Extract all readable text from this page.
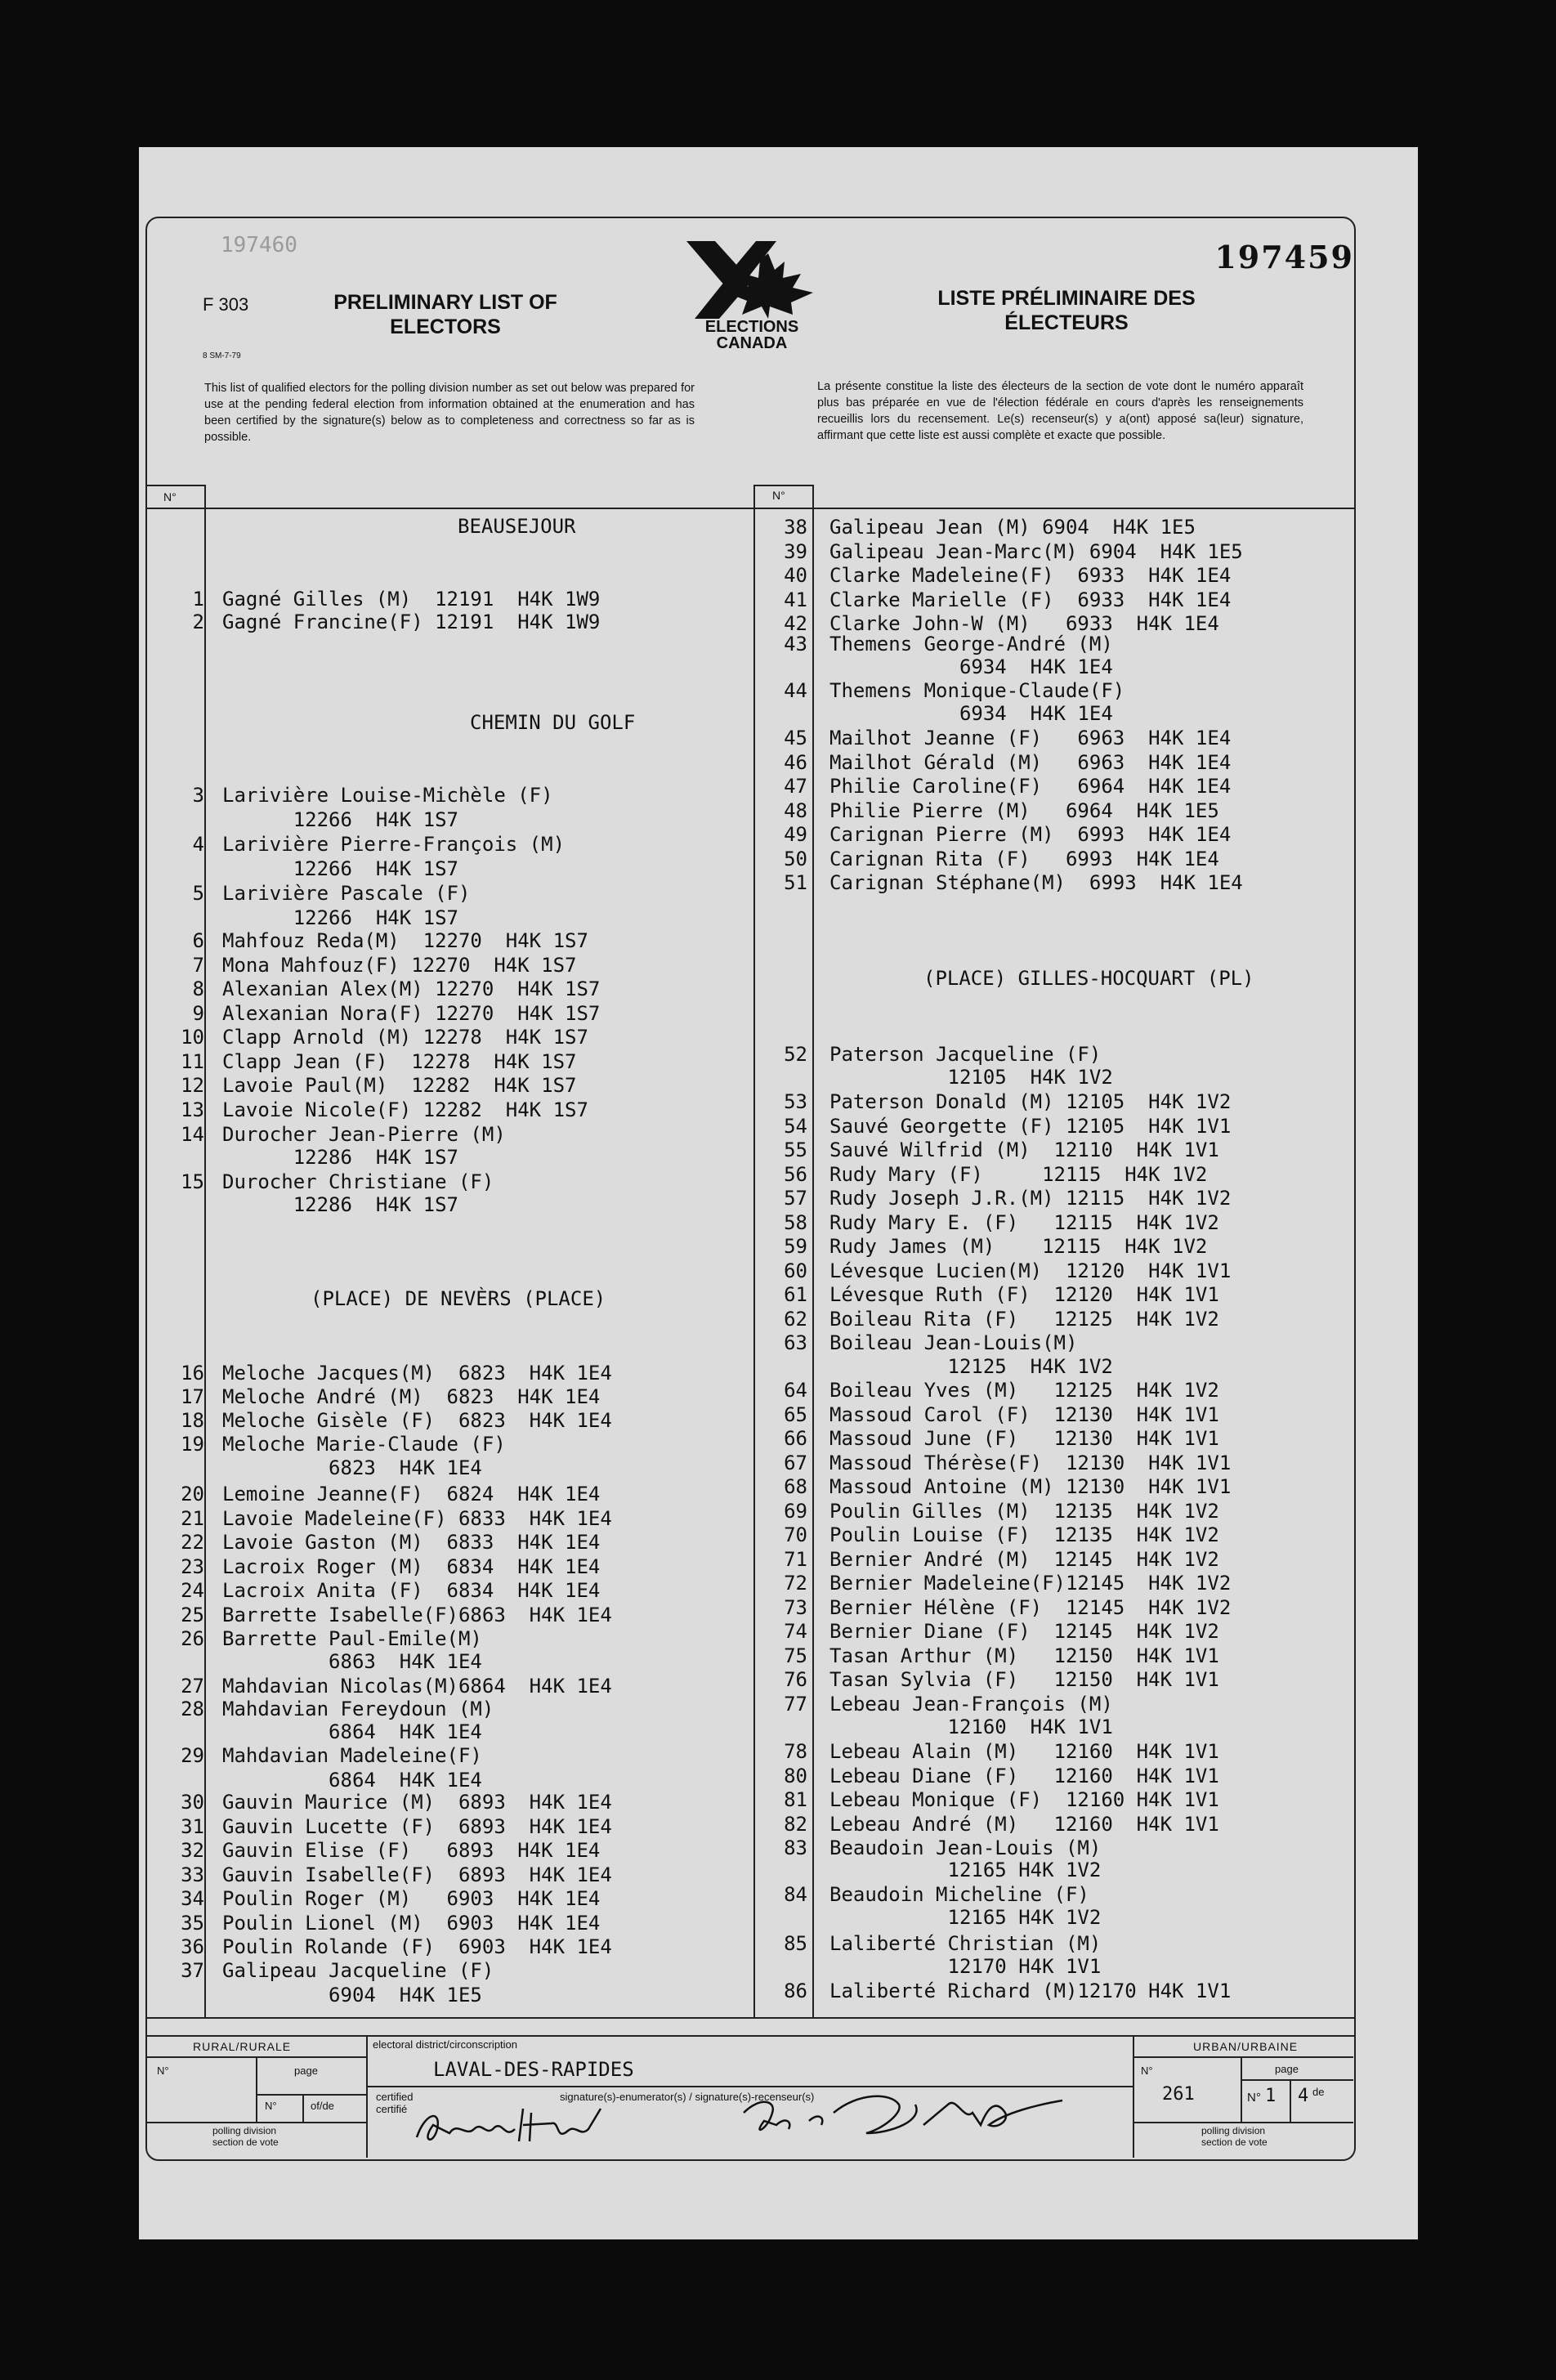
197460	197459
F 303
8 SM-7-79
PRELIMINARY LIST OF
ELECTORS	ELECTIONS
CANADA
LISTE PRÉLIMINAIRE DES
ÉLECTEURS
This list of qualified electors for the polling division number as set out below was prepared for use at the pending federal election from information obtained at the enumeration and has been certified by the signature(s) below as to completeness and correctness so far as is possible.
La présente constitue la liste des électeurs de la section de vote dont le numéro apparaît plus bas préparée en vue de l'élection fédérale en cours d'après les renseignements recueillis lors du recensement. Le(s) recenseur(s) y a(ont) apposé sa(leur) signature, affirmant que cette liste est aussi complète et exacte que possible.
N°	N°
BEAUSEJOUR
CHEMIN DU GOLF
(PLACE) DE NEVÈRS (PLACE)
(PLACE) GILLES-HOCQUART (PL)
1 Gagné Gilles (M)  12191  H4K 1W9
2 Gagné Francine(F) 12191  H4K 1W9
3 Larivière Louise-Michèle (F)
12266  H4K 1S7
4 Larivière Pierre-François (M)
12266  H4K 1S7
5 Larivière Pascale (F)
12266  H4K 1S7
6 Mahfouz Reda(M)  12270  H4K 1S7
7 Mona Mahfouz(F) 12270  H4K 1S7
8 Alexanian Alex(M) 12270  H4K 1S7
9 Alexanian Nora(F) 12270  H4K 1S7
10 Clapp Arnold (M) 12278  H4K 1S7
11 Clapp Jean (F)  12278  H4K 1S7
12 Lavoie Paul(M)  12282  H4K 1S7
13 Lavoie Nicole(F) 12282  H4K 1S7
14 Durocher Jean-Pierre (M)
12286  H4K 1S7
15 Durocher Christiane (F)
12286  H4K 1S7
16 Meloche Jacques(M)  6823  H4K 1E4
17 Meloche André (M)  6823  H4K 1E4
18 Meloche Gisèle (F)  6823  H4K 1E4
19 Meloche Marie-Claude (F)
6823  H4K 1E4
20 Lemoine Jeanne(F)  6824  H4K 1E4
21 Lavoie Madeleine(F) 6833  H4K 1E4
22 Lavoie Gaston (M)  6833  H4K 1E4
23 Lacroix Roger (M)  6834  H4K 1E4
24 Lacroix Anita (F)  6834  H4K 1E4
25 Barrette Isabelle(F)6863  H4K 1E4
26 Barrette Paul-Emile(M)
6863  H4K 1E4
27 Mahdavian Nicolas(M)6864  H4K 1E4
28 Mahdavian Fereydoun (M)
6864  H4K 1E4
29 Mahdavian Madeleine(F)
6864  H4K 1E4
30 Gauvin Maurice (M)  6893  H4K 1E4
31 Gauvin Lucette (F)  6893  H4K 1E4
32 Gauvin Elise (F)   6893  H4K 1E4
33 Gauvin Isabelle(F)  6893  H4K 1E4
34 Poulin Roger (M)   6903  H4K 1E4
35 Poulin Lionel (M)  6903  H4K 1E4
36 Poulin Rolande (F)  6903  H4K 1E4
37 Galipeau Jacqueline (F)
6904  H4K 1E5
38 Galipeau Jean (M) 6904  H4K 1E5
39 Galipeau Jean-Marc(M) 6904  H4K 1E5
40 Clarke Madeleine(F)  6933  H4K 1E4
41 Clarke Marielle (F)  6933  H4K 1E4
42 Clarke John-W (M)   6933  H4K 1E4
43 Themens George-André (M)
6934  H4K 1E4
44 Themens Monique-Claude(F)
6934  H4K 1E4
45 Mailhot Jeanne (F)   6963  H4K 1E4
46 Mailhot Gérald (M)   6963  H4K 1E4
47 Philie Caroline(F)   6964  H4K 1E4
48 Philie Pierre (M)   6964  H4K 1E5
49 Carignan Pierre (M)  6993  H4K 1E4
50 Carignan Rita (F)   6993  H4K 1E4
51 Carignan Stéphane(M)  6993  H4K 1E4
52 Paterson Jacqueline (F)
12105  H4K 1V2
53 Paterson Donald (M) 12105  H4K 1V2
54 Sauvé Georgette (F) 12105  H4K 1V1
55 Sauvé Wilfrid (M)  12110  H4K 1V1
56 Rudy Mary (F)     12115  H4K 1V2
57 Rudy Joseph J.R.(M) 12115  H4K 1V2
58 Rudy Mary E. (F)   12115  H4K 1V2
59 Rudy James (M)    12115  H4K 1V2
60 Lévesque Lucien(M)  12120  H4K 1V1
61 Lévesque Ruth (F)  12120  H4K 1V1
62 Boileau Rita (F)   12125  H4K 1V2
63 Boileau Jean-Louis(M)
12125  H4K 1V2
64 Boileau Yves (M)   12125  H4K 1V2
65 Massoud Carol (F)  12130  H4K 1V1
66 Massoud June (F)   12130  H4K 1V1
67 Massoud Thérèse(F)  12130  H4K 1V1
68 Massoud Antoine (M) 12130  H4K 1V1
69 Poulin Gilles (M)  12135  H4K 1V2
70 Poulin Louise (F)  12135  H4K 1V2
71 Bernier André (M)  12145  H4K 1V2
72 Bernier Madeleine(F)12145  H4K 1V2
73 Bernier Hélène (F)  12145  H4K 1V2
74 Bernier Diane (F)  12145  H4K 1V2
75 Tasan Arthur (M)   12150  H4K 1V1
76 Tasan Sylvia (F)   12150  H4K 1V1
77 Lebeau Jean-François (M)
12160  H4K 1V1
78 Lebeau Alain (M)   12160  H4K 1V1
80 Lebeau Diane (F)   12160  H4K 1V1
81 Lebeau Monique (F)  12160 H4K 1V1
82 Lebeau André (M)   12160  H4K 1V1
83 Beaudoin Jean-Louis (M)
12165 H4K 1V2
84 Beaudoin Micheline (F)
12165 H4K 1V2
85 Laliberté Christian (M)
12170 H4K 1V1
86 Laliberté Richard (M)12170 H4K 1V1
RURAL/RURALE
N°	page
N°	of/de
polling division
section de vote
electoral district/circonscription
LAVAL-DES-RAPIDES
certified
certifié
signature(s)-enumerator(s) / signature(s)-recenseur(s)
URBAN/URBAINE
N°
261
page
N° 1 4 de
polling division
section de vote
